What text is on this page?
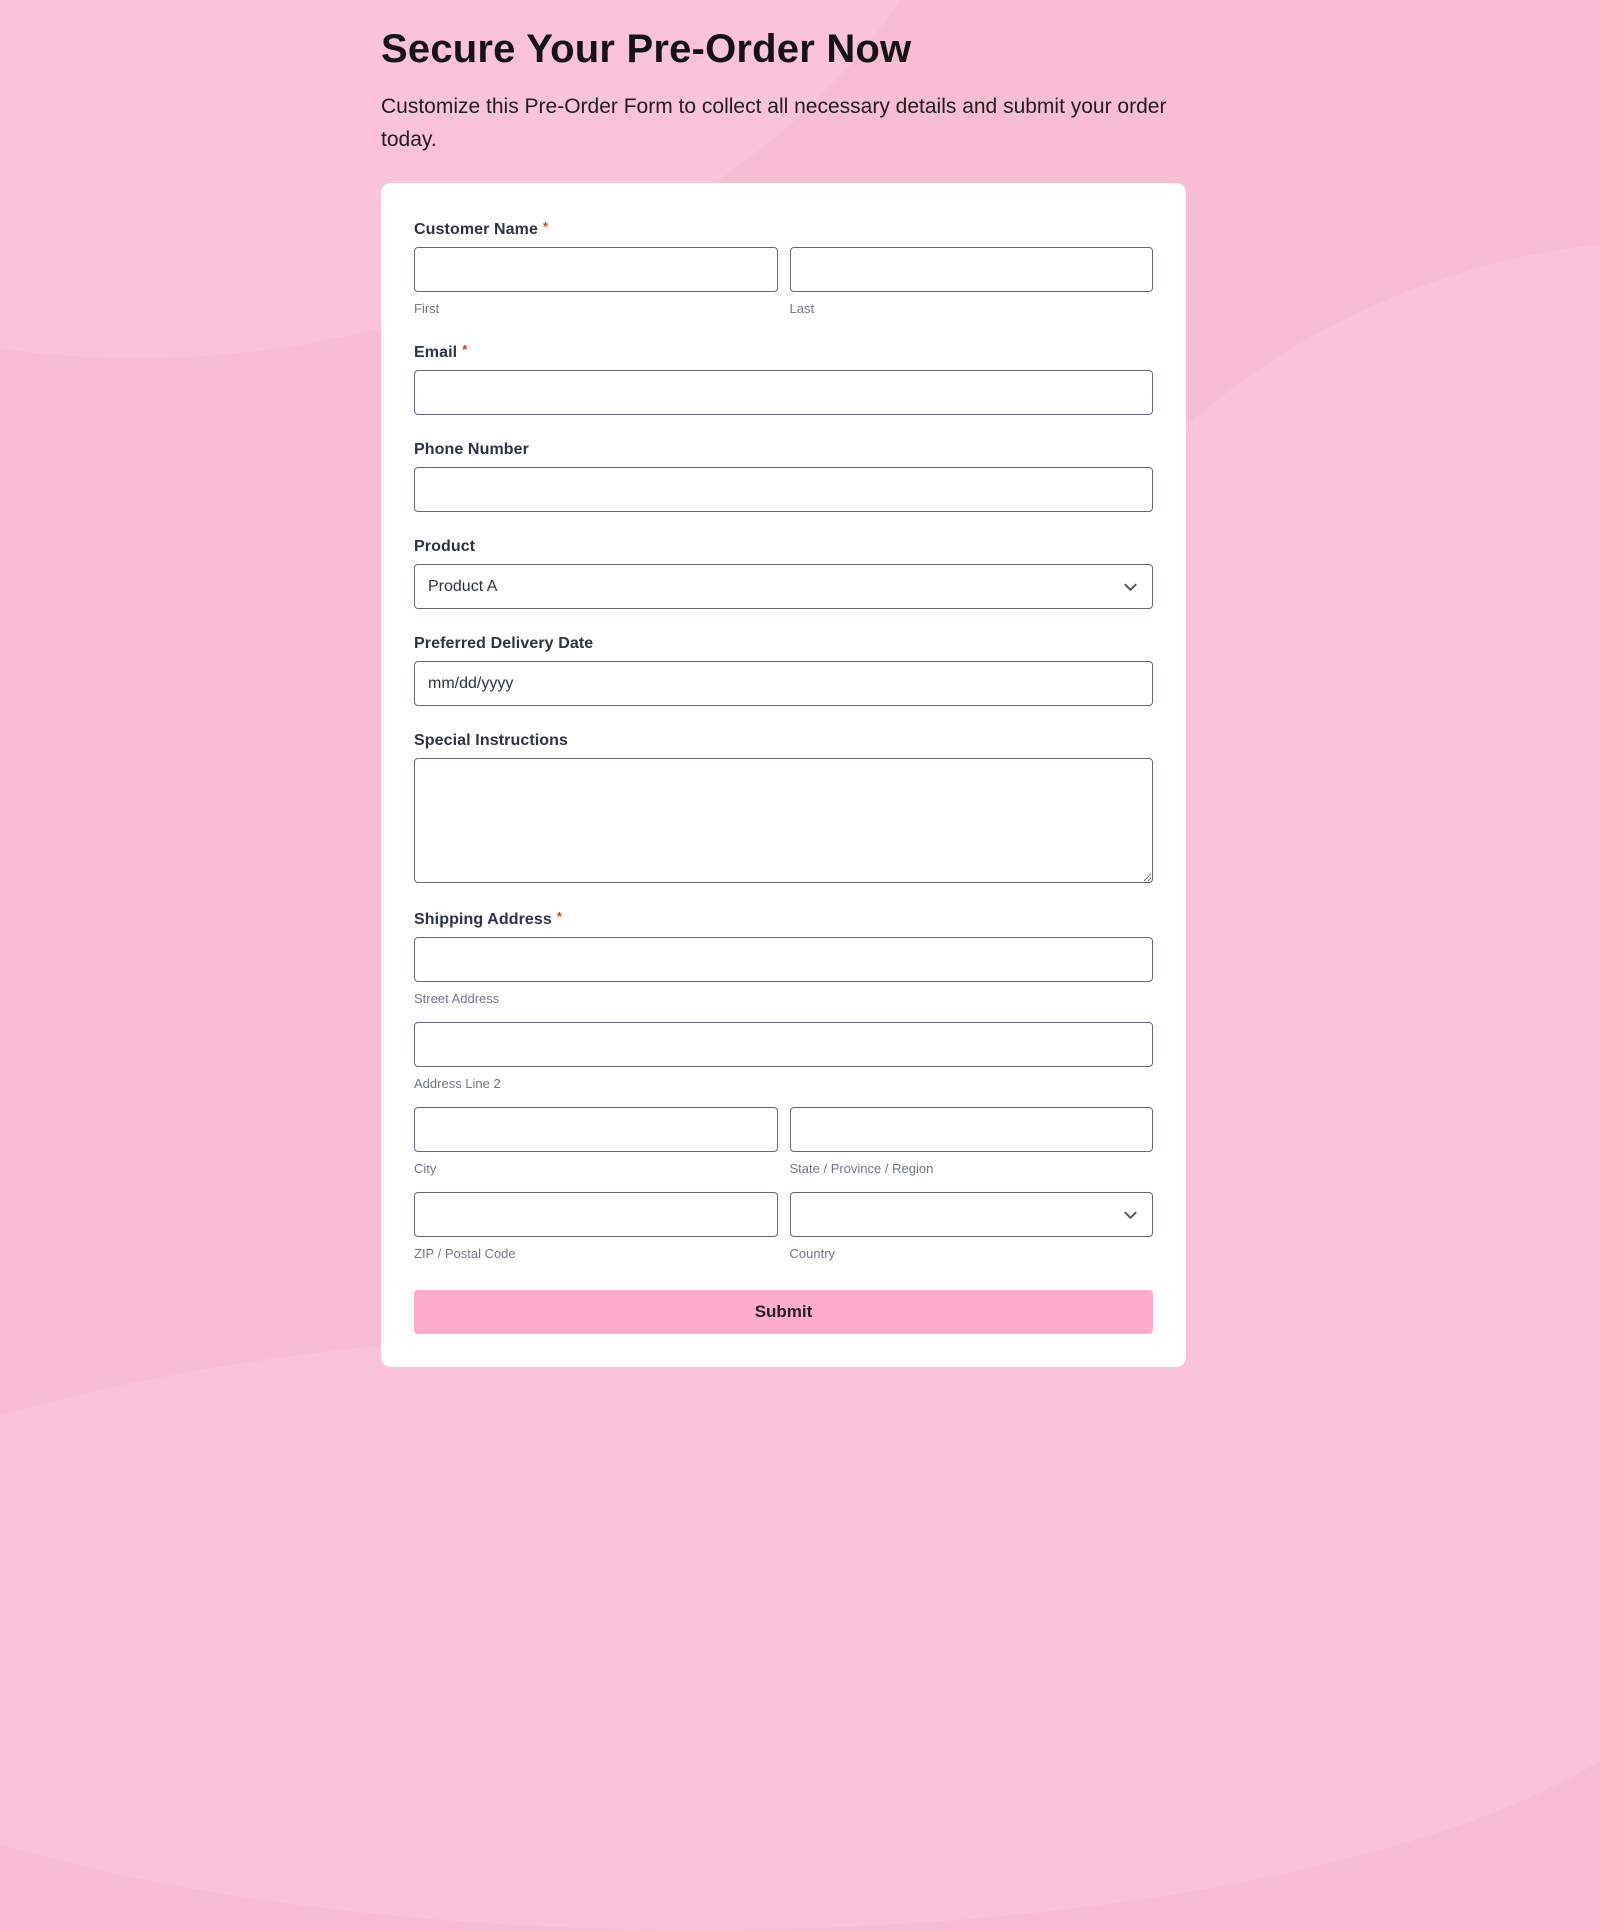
Secure Your Pre-Order Now

Customize this Pre-Order Form to collect all necessary details and submit your order today.

Customer Name *
First	Last
Email *
Phone Number
Product
Product A
Preferred Delivery Date
mm/dd/yyyy
Special Instructions
Shipping Address *
Street Address
Address Line 2
City	State / Province / Region
ZIP / Postal Code	Country
Submit
